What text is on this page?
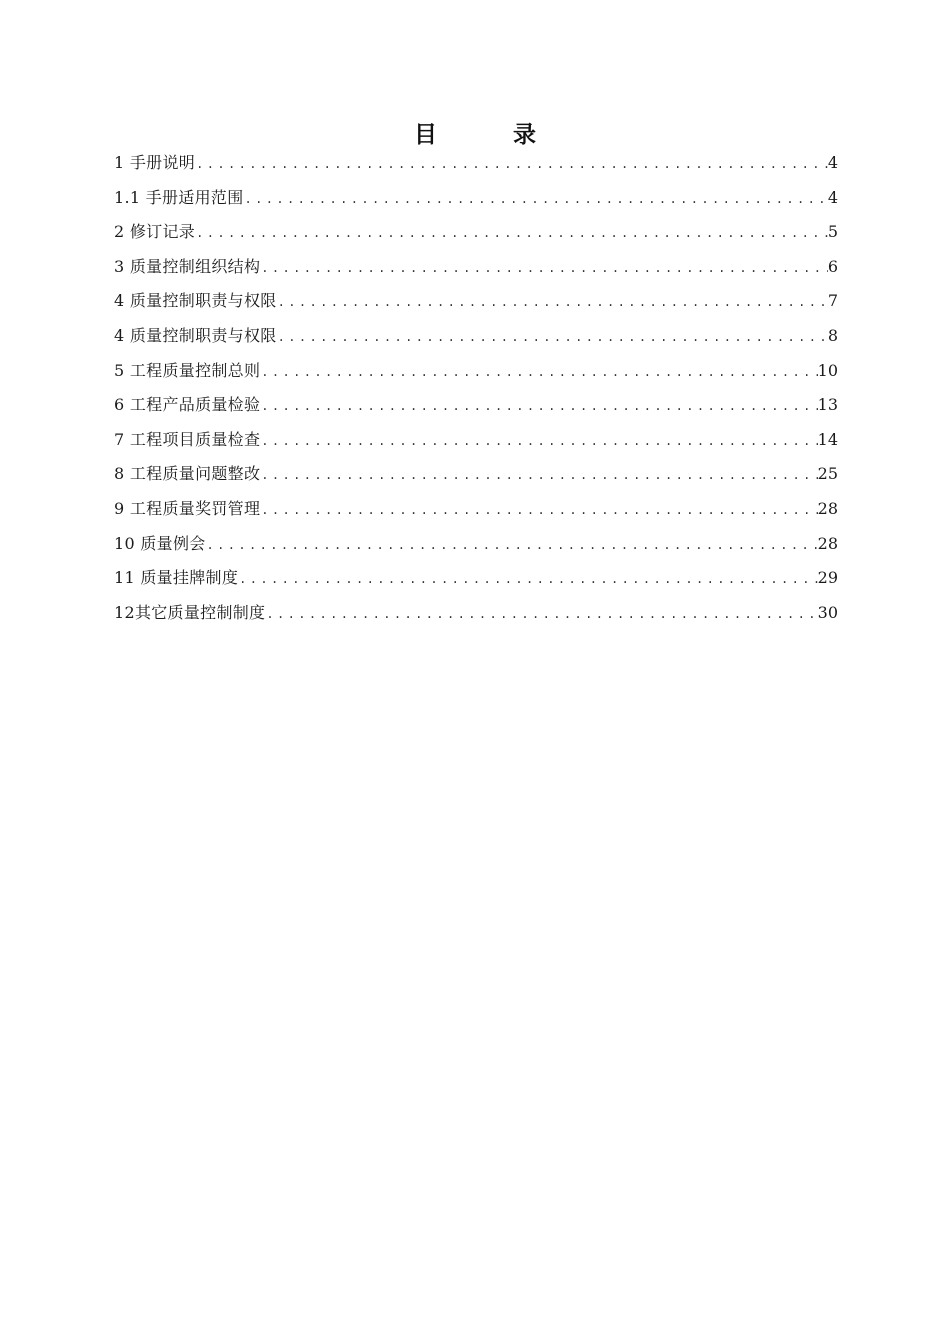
目 录
1 手册说明 .....	4
1.1 手册适用范围 .....	4
2 修订记录 .....	5
3 质量控制组织结构 .....	6
4 质量控制职责与权限 .....	7
4 质量控制职责与权限 .....	8
5 工程质量控制总则 .....	10
6 工程产品质量检验 .....	13
7 工程项目质量检查 .....	14
8 工程质量问题整改 .....	25
9 工程质量奖罚管理 .....	28
10 质量例会 .....	28
11 质量挂牌制度 .....	29
12其它质量控制制度 .....	30
